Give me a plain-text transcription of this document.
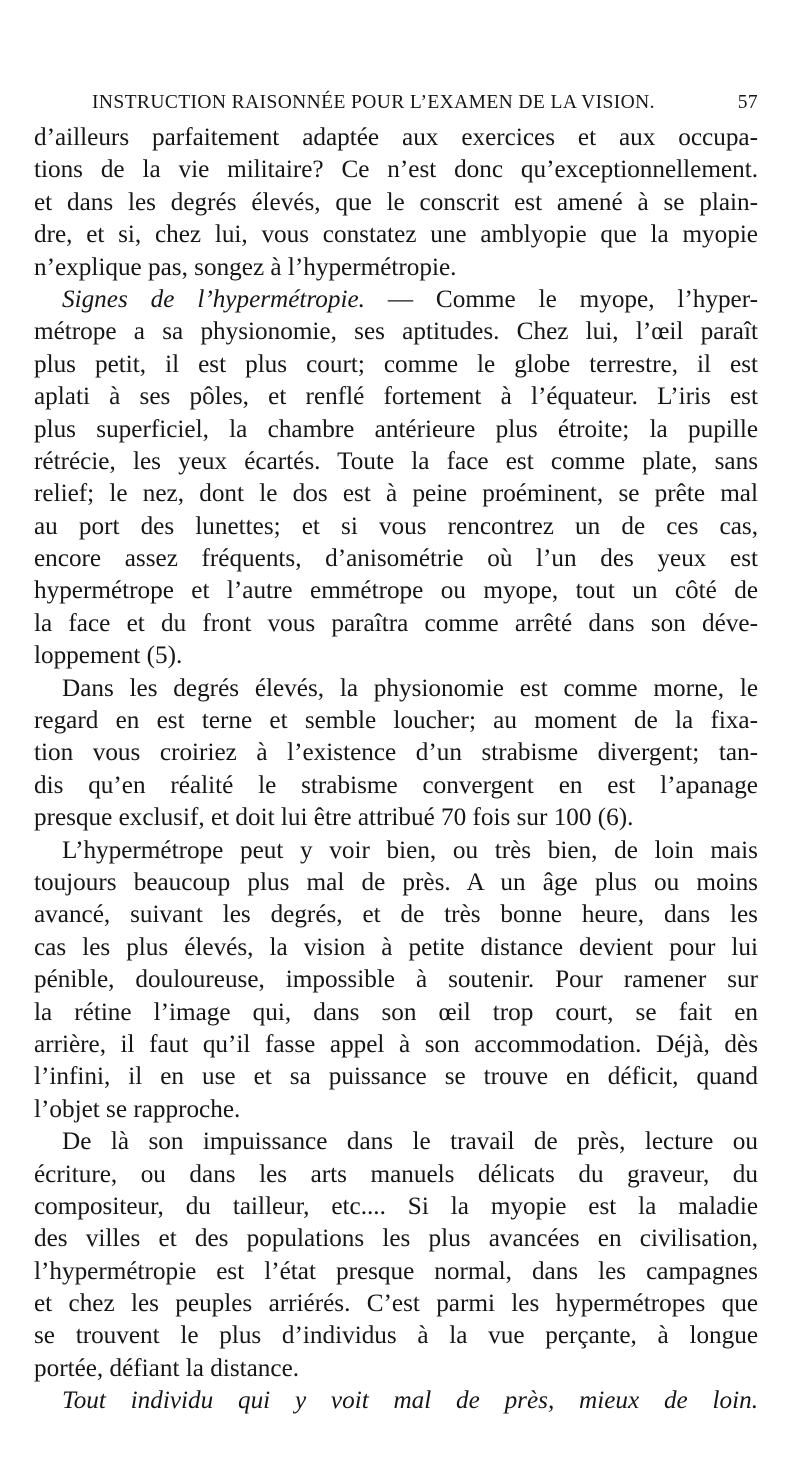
INSTRUCTION RAISONNÉE POUR L’EXAMEN DE LA VISION.	57
d’ailleurs parfaitement adaptée aux exercices et aux occupa-
tions de la vie militaire? Ce n’est donc qu’exceptionnellement.
et dans les degrés élevés, que le conscrit est amené à se plain-
dre, et si, chez lui, vous constatez une amblyopie que la myopie
n’explique pas, songez à l’hypermétropie.
Signes de l’hypermétropie. — Comme le myope, l’hyper-
métrope a sa physionomie, ses aptitudes. Chez lui, l’œil paraît
plus petit, il est plus court; comme le globe terrestre, il est
aplati à ses pôles, et renflé fortement à l’équateur. L’iris est
plus superficiel, la chambre antérieure plus étroite; la pupille
rétrécie, les yeux écartés. Toute la face est comme plate, sans
relief; le nez, dont le dos est à peine proéminent, se prête mal
au port des lunettes; et si vous rencontrez un de ces cas,
encore assez fréquents, d’anisométrie où l’un des yeux est
hypermétrope et l’autre emmétrope ou myope, tout un côté de
la face et du front vous paraîtra comme arrêté dans son déve-
loppement (5).
Dans les degrés élevés, la physionomie est comme morne, le
regard en est terne et semble loucher; au moment de la fixa-
tion vous croiriez à l’existence d’un strabisme divergent; tan-
dis qu’en réalité le strabisme convergent en est l’apanage
presque exclusif, et doit lui être attribué 70 fois sur 100 (6).
L’hypermétrope peut y voir bien, ou très bien, de loin mais
toujours beaucoup plus mal de près. A un âge plus ou moins
avancé, suivant les degrés, et de très bonne heure, dans les
cas les plus élevés, la vision à petite distance devient pour lui
pénible, douloureuse, impossible à soutenir. Pour ramener sur
la rétine l’image qui, dans son œil trop court, se fait en
arrière, il faut qu’il fasse appel à son accommodation. Déjà, dès
l’infini, il en use et sa puissance se trouve en déficit, quand
l’objet se rapproche.
De là son impuissance dans le travail de près, lecture ou
écriture, ou dans les arts manuels délicats du graveur, du
compositeur, du tailleur, etc.... Si la myopie est la maladie
des villes et des populations les plus avancées en civilisation,
l’hypermétropie est l’état presque normal, dans les campagnes
et chez les peuples arriérés. C’est parmi les hypermétropes que
se trouvent le plus d’individus à la vue perçante, à longue
portée, défiant la distance.
Tout individu qui y voit mal de près, mieux de loin.
